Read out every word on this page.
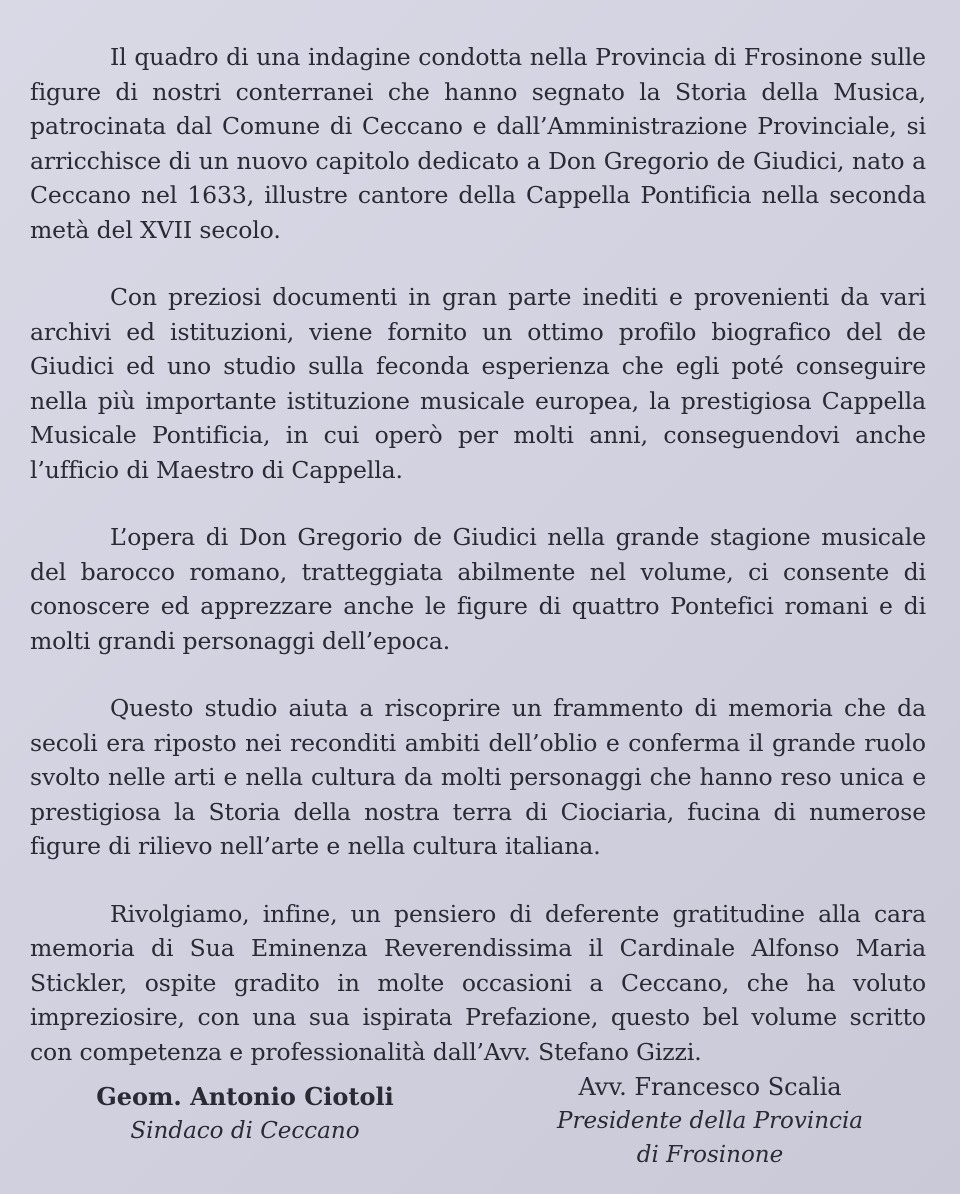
Il quadro di una indagine condotta nella Provincia di Frosinone sulle figure di nostri conterranei che hanno segnato la Storia della Musica, patrocinata dal Comune di Ceccano e dall’Amministrazione Provinciale, si arricchisce di un nuovo capitolo dedicato a Don Gregorio de Giudici, nato a Ceccano nel 1633, illustre cantore della Cappella Pontificia nella seconda metà del XVII secolo.

Con preziosi documenti in gran parte inediti e provenienti da vari archivi ed istituzioni, viene fornito un ottimo profilo biografico del de Giudici ed uno studio sulla feconda esperienza che egli poté conseguire nella più importante istituzione musicale europea, la prestigiosa Cappella Musicale Pontificia, in cui operò per molti anni, conseguendovi anche l’ufficio di Maestro di Cappella.

L’opera di Don Gregorio de Giudici nella grande stagione musicale del barocco romano, tratteggiata abilmente nel volume, ci consente di conoscere ed apprezzare anche le figure di quattro Pontefici romani e di molti grandi personaggi dell’epoca.

Questo studio aiuta a riscoprire un frammento di memoria che da secoli era riposto nei reconditi ambiti dell’oblio e conferma il grande ruolo svolto nelle arti e nella cultura da molti personaggi che hanno reso unica e prestigiosa la Storia della nostra terra di Ciociaria, fucina di numerose figure di rilievo nell’arte e nella cultura italiana.

Rivolgiamo, infine, un pensiero di deferente gratitudine alla cara memoria di Sua Eminenza Reverendissima il Cardinale Alfonso Maria Stickler, ospite gradito in molte occasioni a Ceccano, che ha voluto impreziosire, con una sua ispirata Prefazione, questo bel volume scritto con competenza e professionalità dall’Avv. Stefano Gizzi.

Geom. Antonio Ciotoli
Sindaco di Ceccano
Avv. Francesco Scalia
Presidente della Provincia
di Frosinone
